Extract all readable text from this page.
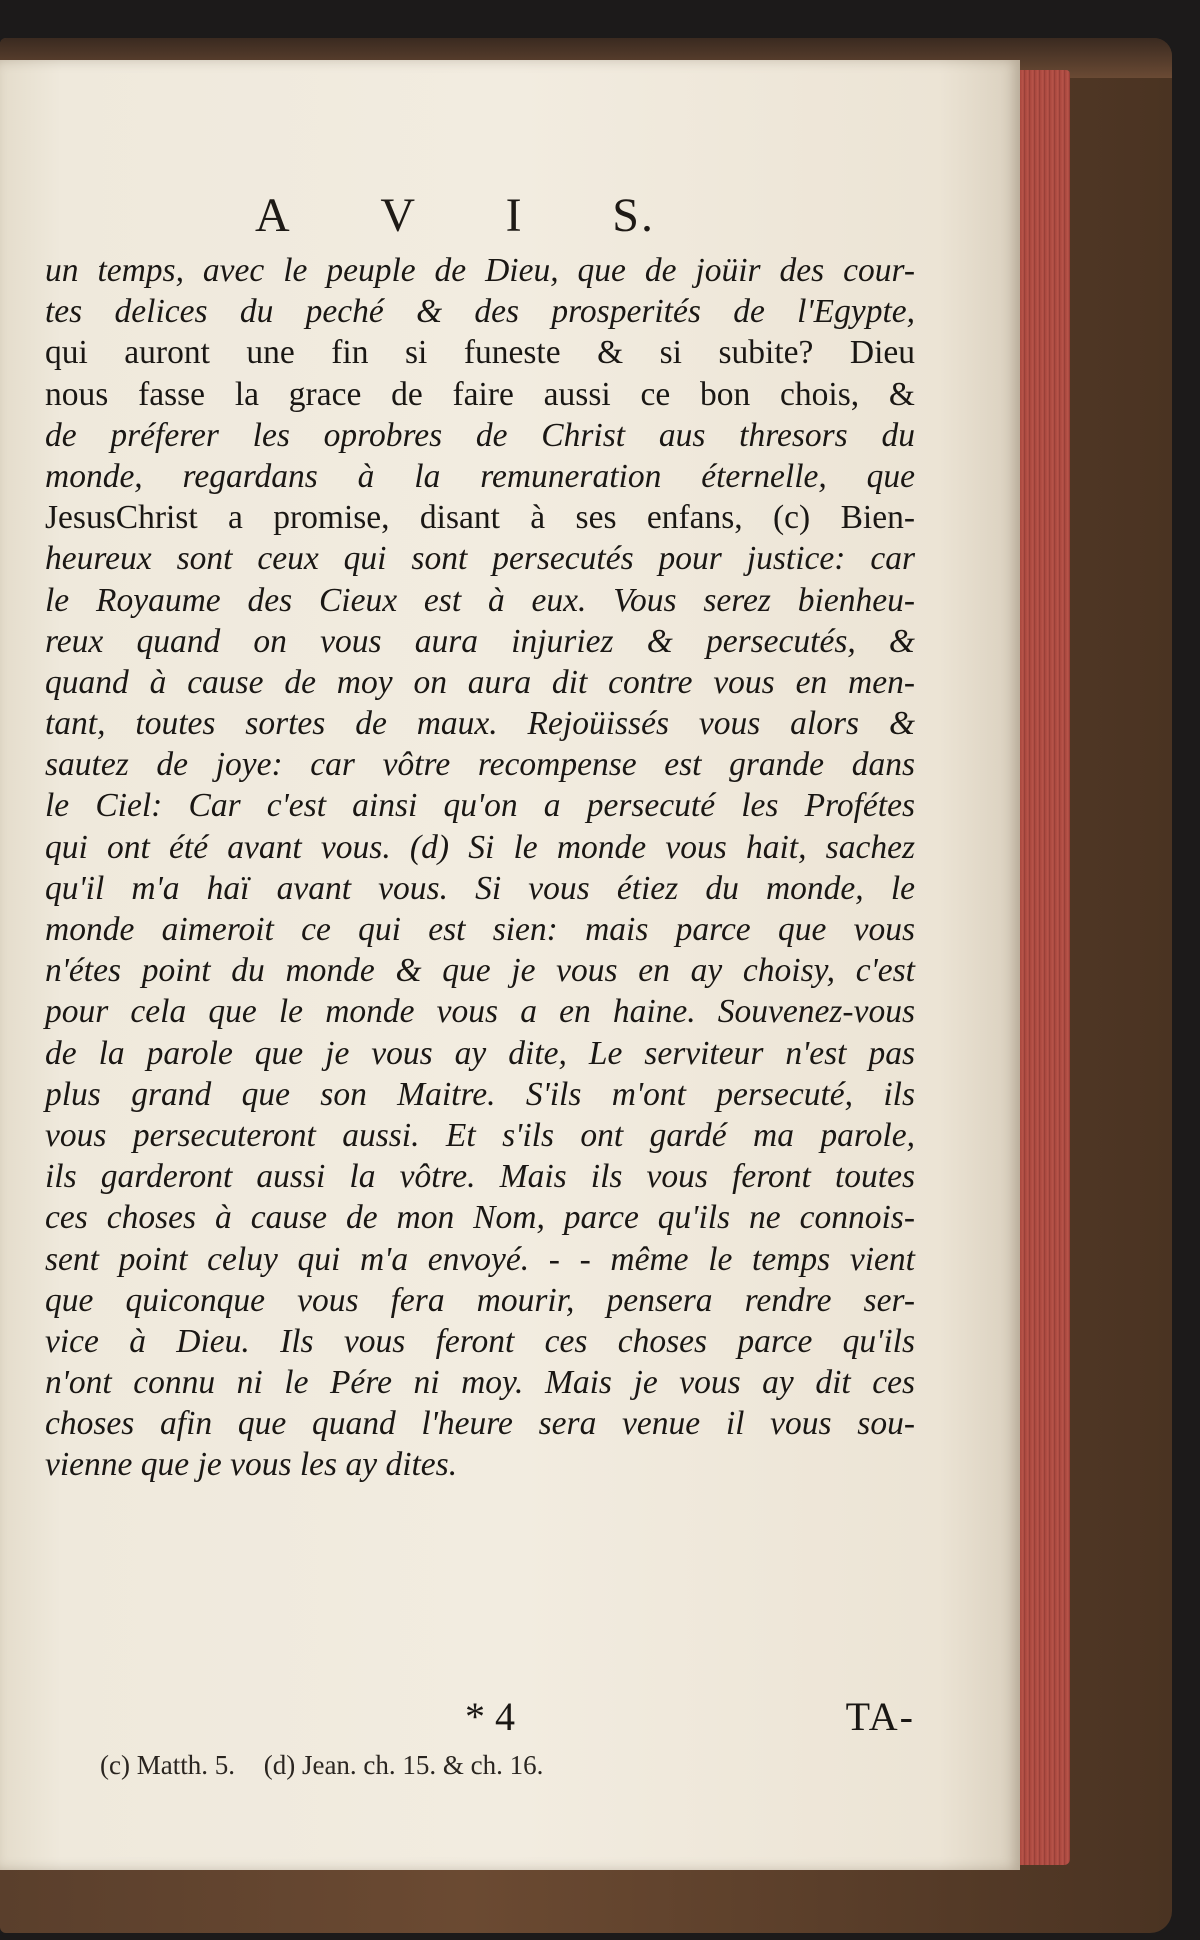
A V I S.
un temps, avec le peuple de Dieu, que de joüir des cour-
tes delices du peché & des prosperités de l'Egypte,
qui auront une fin si funeste & si subite? Dieu
nous fasse la grace de faire aussi ce bon chois, &
de préferer les oprobres de Christ aus thresors du
monde, regardans à la remuneration éternelle, que
JesusChrist a promise, disant à ses enfans, (c) Bien-
heureux sont ceux qui sont persecutés pour justice: car
le Royaume des Cieux est à eux. Vous serez bienheu-
reux quand on vous aura injuriez & persecutés, &
quand à cause de moy on aura dit contre vous en men-
tant, toutes sortes de maux. Rejoüissés vous alors &
sautez de joye: car vôtre recompense est grande dans
le Ciel: Car c'est ainsi qu'on a persecuté les Profétes
qui ont été avant vous. (d) Si le monde vous hait, sachez
qu'il m'a haï avant vous. Si vous étiez du monde, le
monde aimeroit ce qui est sien: mais parce que vous
n'étes point du monde & que je vous en ay choisy, c'est
pour cela que le monde vous a en haine. Souvenez-vous
de la parole que je vous ay dite, Le serviteur n'est pas
plus grand que son Maitre. S'ils m'ont persecuté, ils
vous persecuteront aussi. Et s'ils ont gardé ma parole,
ils garderont aussi la vôtre. Mais ils vous feront toutes
ces choses à cause de mon Nom, parce qu'ils ne connois-
sent point celuy qui m'a envoyé. - - même le temps vient
que quiconque vous fera mourir, pensera rendre ser-
vice à Dieu. Ils vous feront ces choses parce qu'ils
n'ont connu ni le Pére ni moy. Mais je vous ay dit ces
choses afin que quand l'heure sera venue il vous sou-
vienne que je vous les ay dites.
* 4	TA-
(c) Matth. 5. (d) Jean. ch. 15. & ch. 16.
